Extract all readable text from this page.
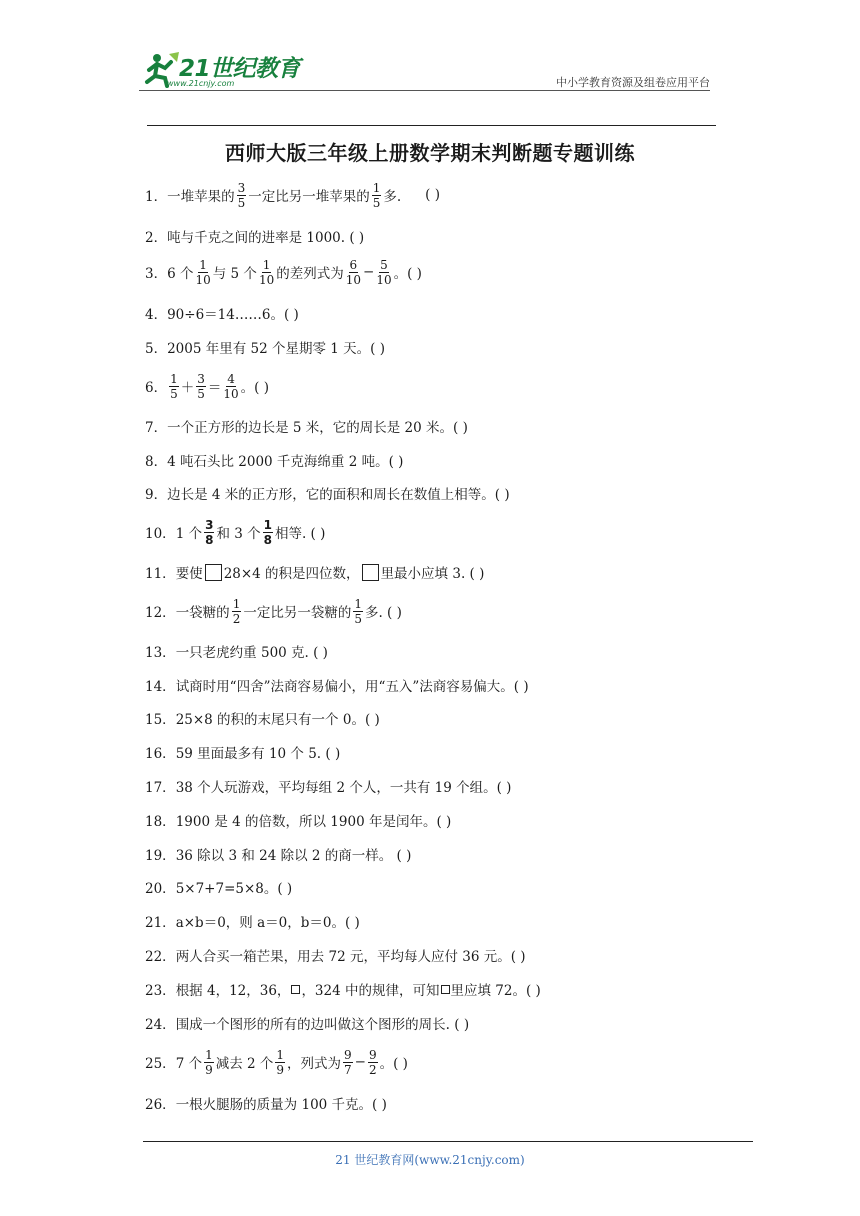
21世纪教育
www.21cnjy.com	中小学教育资源及组卷应用平台
西师大版三年级上册数学期末判断题专题训练
1． 一堆苹果的 $\frac{3}{5}$ 一定比另一堆苹果的 $\frac{1}{5}$ 多. ( )
2． 吨与千克之间的进率是 1000. ( )
3． 6 个 $\frac{1}{10}$ 与 5 个 $\frac{1}{10}$ 的差列式为 $\frac{6}{10} - \frac{5}{10}$ 。( )
4． 90÷6＝14……6。( )
5． 2005 年里有 52 个星期零 1 天。( )
6． $\frac{1}{5} + \frac{3}{5} = \frac{4}{10}$ 。( )
7． 一个正方形的边长是 5 米，它的周长是 20 米。( )
8． 4 吨石头比 2000 千克海绵重 2 吨。( )
9． 边长是 4 米的正方形，它的面积和周长在数值上相等。( )
10． 1 个 $\frac{3}{8}$ 和 3 个 $\frac{1}{8}$ 相等. ( )
11． 要使 28×4 的积是四位数， 里最小应填 3. ( )
12． 一袋糖的 $\frac{1}{2}$ 一定比另一袋糖的 $\frac{1}{5}$ 多. ( )
13． 一只老虎约重 500 克. ( )
14． 试商时用“四舍”法商容易偏小，用“五入”法商容易偏大。( )
15． 25×8 的积的末尾只有一个 0。( )
16． 59 里面最多有 10 个 5. ( )
17． 38 个人玩游戏，平均每组 2 个人，一共有 19 个组。( )
18． 1900 是 4 的倍数，所以 1900 年是闰年。( )
19． 36 除以 3 和 24 除以 2 的商一样。 ( )
20． 5×7+7=5×8。( )
21． a×b＝0，则 a＝0，b＝0。( )
22． 两人合买一箱芒果，用去 72 元，平均每人应付 36 元。( )
23． 根据 4，12，36， ，324 中的规律，可知 里应填 72。( )
24． 围成一个图形的所有的边叫做这个图形的周长. ( )
25． 7 个 $\frac{1}{9}$ 减去 2 个 $\frac{1}{9}$ ，列式为 $\frac{9}{7} - \frac{9}{2}$ 。( )
26． 一根火腿肠的质量为 100 千克。( )
21 世纪教育网(www.21cnjy.com)
